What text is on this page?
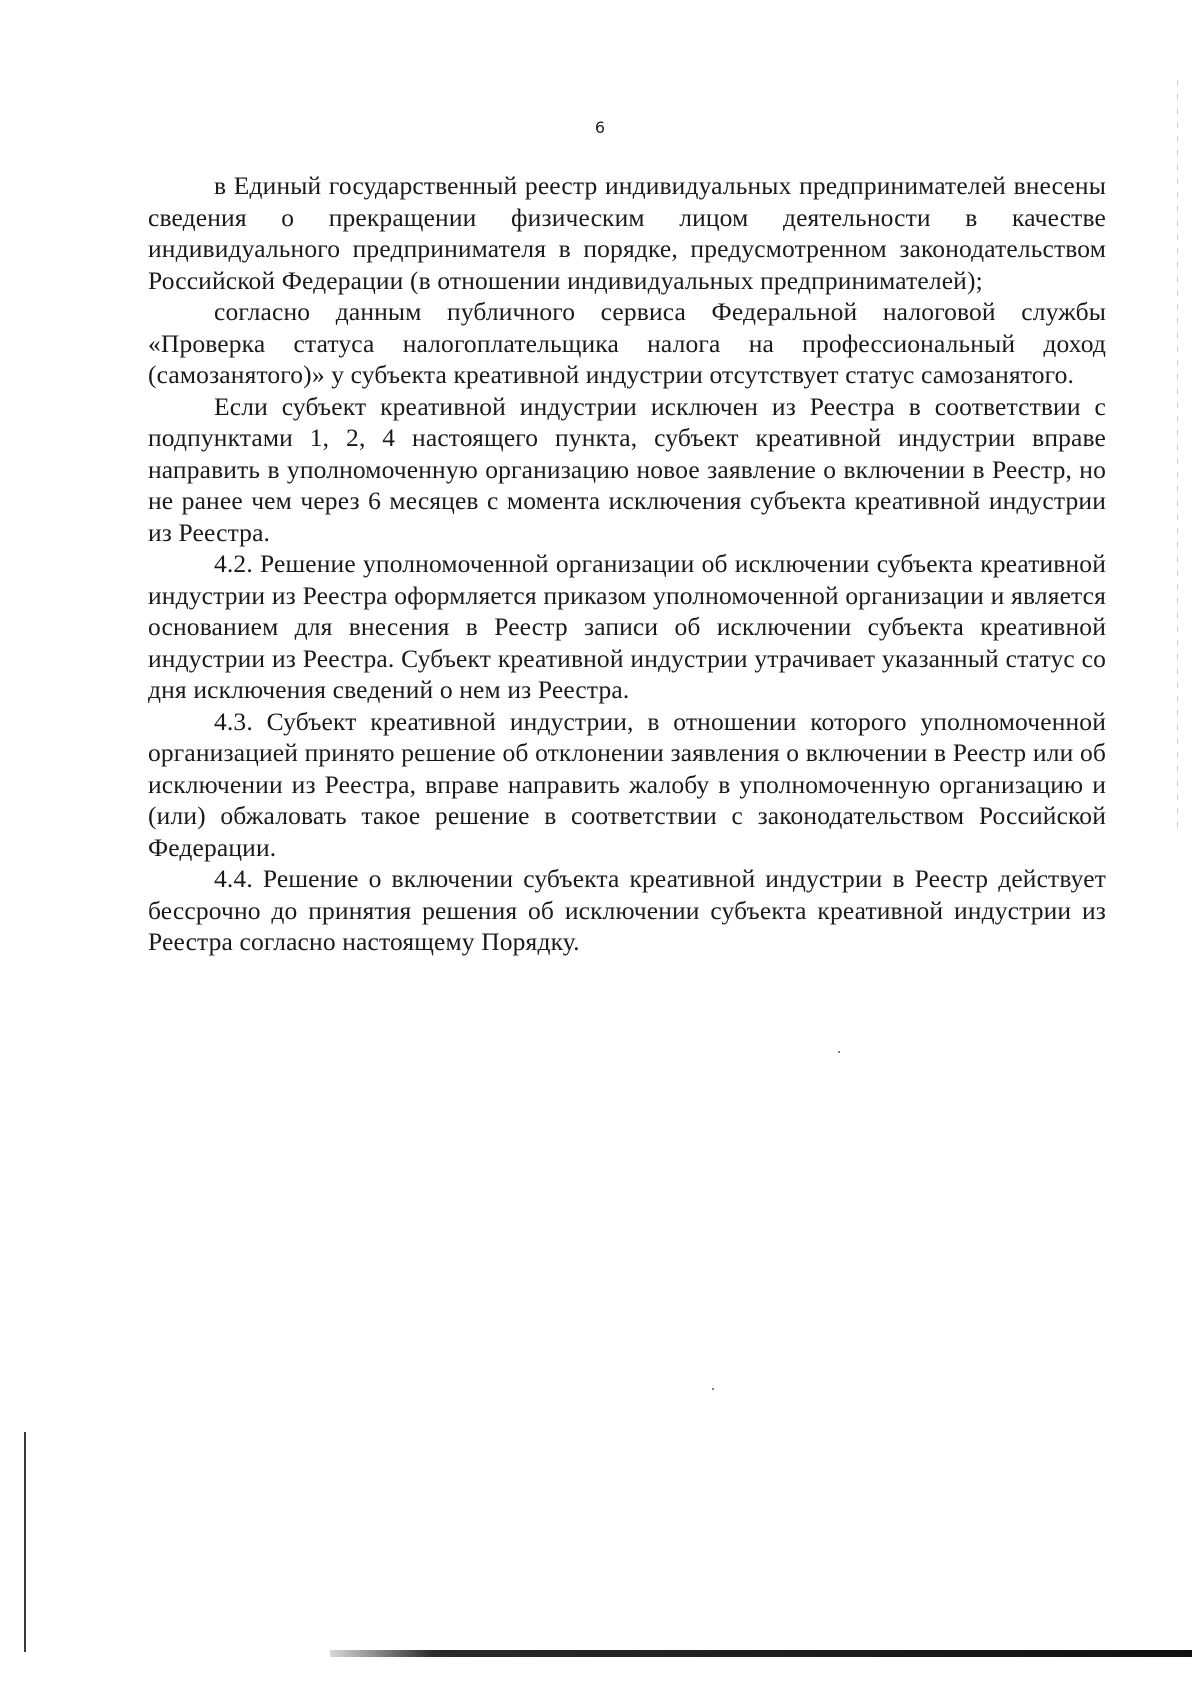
6

в Единый государственный реестр индивидуальных предпринимателей внесены сведения о прекращении физическим лицом деятельности в качестве индивидуального предпринимателя в порядке, предусмотренном законодательством Российской Федерации (в отношении индивидуальных предпринимателей);

согласно данным публичного сервиса Федеральной налоговой службы «Проверка статуса налогоплательщика налога на профессиональный доход (самозанятого)» у субъекта креативной индустрии отсутствует статус самозанятого.

Если субъект креативной индустрии исключен из Реестра в соответствии с подпунктами 1, 2, 4 настоящего пункта, субъект креативной индустрии вправе направить в уполномоченную организацию новое заявление о включении в Реестр, но не ранее чем через 6 месяцев с момента исключения субъекта креативной индустрии из Реестра.

4.2. Решение уполномоченной организации об исключении субъекта креативной индустрии из Реестра оформляется приказом уполномоченной организации и является основанием для внесения в Реестр записи об исключении субъекта креативной индустрии из Реестра. Субъект креативной индустрии утрачивает указанный статус со дня исключения сведений о нем из Реестра.

4.3. Субъект креативной индустрии, в отношении которого уполномоченной организацией принято решение об отклонении заявления о включении в Реестр или об исключении из Реестра, вправе направить жалобу в уполномоченную организацию и (или) обжаловать такое решение в соответствии с законодательством Российской Федерации.

4.4. Решение о включении субъекта креативной индустрии в Реестр действует бессрочно до принятия решения об исключении субъекта креативной индустрии из Реестра согласно настоящему Порядку.
